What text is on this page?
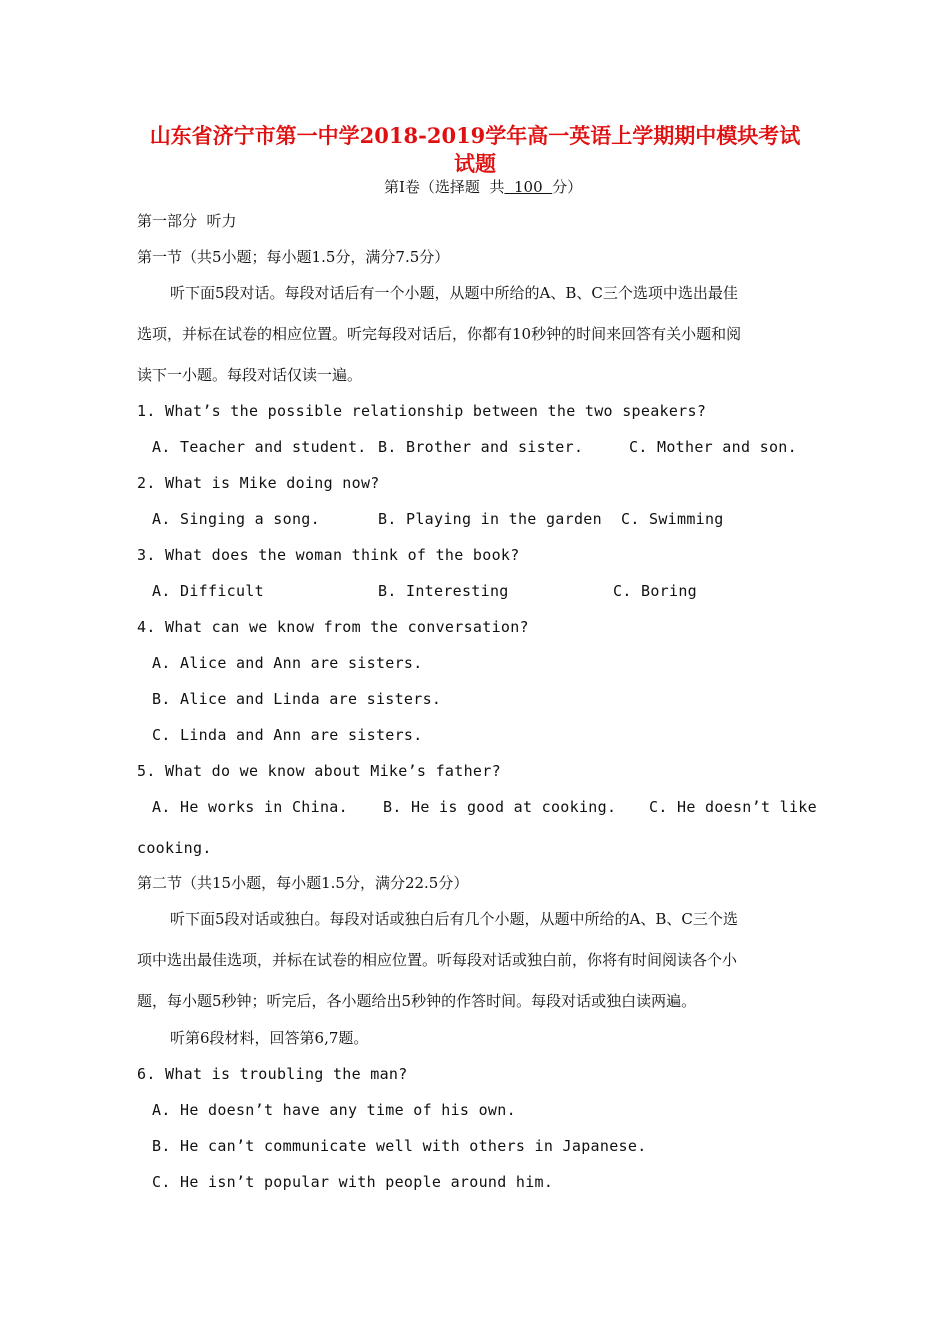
山东省济宁市第一中学2018-2019学年高一英语上学期期中模块考试
试题
第Ⅰ卷（选择题  共  100  分）
第一部分  听力
第一节（共5小题；每小题1.5分，满分7.5分）
听下面5段对话。每段对话后有一个小题，从题中所给的A、B、C三个选项中选出最佳
选项，并标在试卷的相应位置。听完每段对话后，你都有10秒钟的时间来回答有关小题和阅
读下一小题。每段对话仅读一遍。
1. What’s the possible relationship between the two speakers?
A. Teacher and student. B. Brother and sister.	C. Mother and son.
2. What is Mike doing now?
A. Singing a song.	B. Playing in the garden C. Swimming
3. What does the woman think of the book?
A. Difficult	B. Interesting	C. Boring
4. What can we know from the conversation?
A. Alice and Ann are sisters.
B. Alice and Linda are sisters.
C. Linda and Ann are sisters.
5. What do we know about Mike’s father?
A. He works in China. B. He is good at cooking. C. He doesn’t like
cooking.
第二节（共15小题，每小题1.5分，满分22.5分）
听下面5段对话或独白。每段对话或独白后有几个小题，从题中所给的A、B、C三个选
项中选出最佳选项，并标在试卷的相应位置。听每段对话或独白前，你将有时间阅读各个小
题，每小题5秒钟；听完后，各小题给出5秒钟的作答时间。每段对话或独白读两遍。
听第6段材料，回答第6,7题。
6. What is troubling the man?
A. He doesn’t have any time of his own.
B. He can’t communicate well with others in Japanese.
C. He isn’t popular with people around him.
